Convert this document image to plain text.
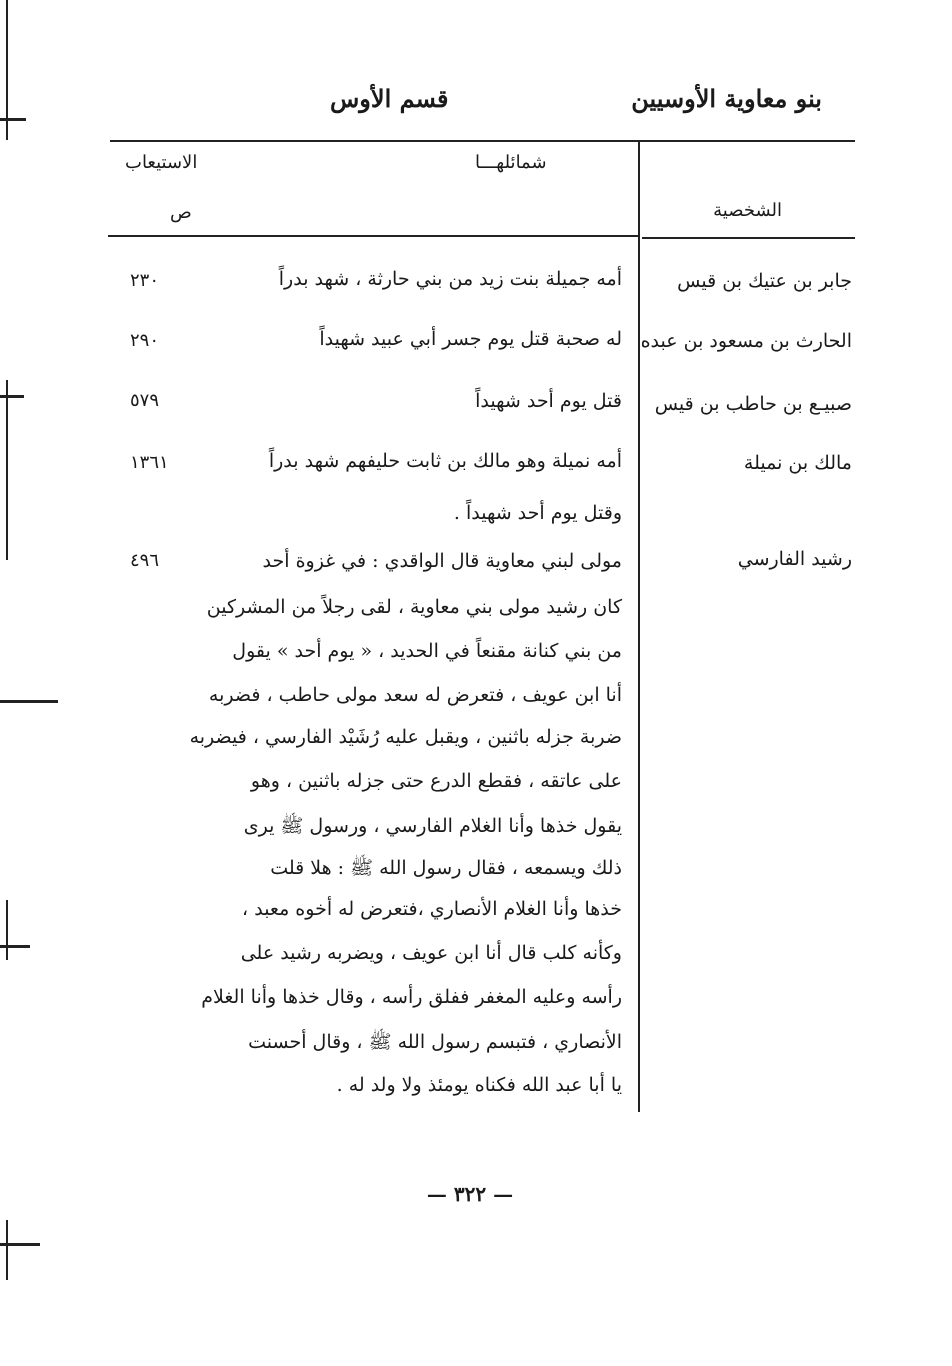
بنو معاوية الأوسيين
قسم الأوس
الشخصية
شمائلهـــا
الاستيعاب
ص
جابر بن عتيك بن قيس
أمه جميلة بنت زيد من بني حارثة ، شهد بدراً
٢٣٠
الحارث بن مسعود بن عبده
له صحبة قتل يوم جسر أبي عبيد شهيداً
٢٩٠
صبيـع بن حاطب بن قيس
قتل يوم أحد شهيداً
٥٧٩
مالك بن نميلة
أمه نميلة وهو مالك بن ثابت حليفهم شهد بدراً
وقتل يوم أحد شهيداً .
١٣٦١
رشيد الفارسي
مولى لبني معاوية قال الواقدي : في غزوة أحد
٤٩٦
كان رشيد مولى بني معاوية ، لقى رجلاً من المشركين
من بني كنانة مقنعاً في الحديد ، « يوم أحد » يقول
أنا ابن عويف ، فتعرض له سعد مولى حاطب ، فضربه
ضربة جزله باثنين ، ويقبل عليه رُشَيْد الفارسي ، فيضربه
على عاتقه ، فقطع الدرع حتى جزله باثنين ، وهو
يقول خذها وأنا الغلام الفارسي ، ورسول ﷺ يرى
ذلك ويسمعه ، فقال رسول الله ﷺ : هلا قلت
خذها وأنا الغلام الأنصاري ،فتعرض له أخوه معبد ،
وكأنه كلب قال أنا ابن عويف ، ويضربه رشيد على
رأسه وعليه المغفر ففلق رأسه ، وقال خذها وأنا الغلام
الأنصاري ، فتبسم رسول الله ﷺ ، وقال أحسنت
يا أبا عبد الله فكناه يومئذ ولا ولد له .
— ٣٢٢ —
